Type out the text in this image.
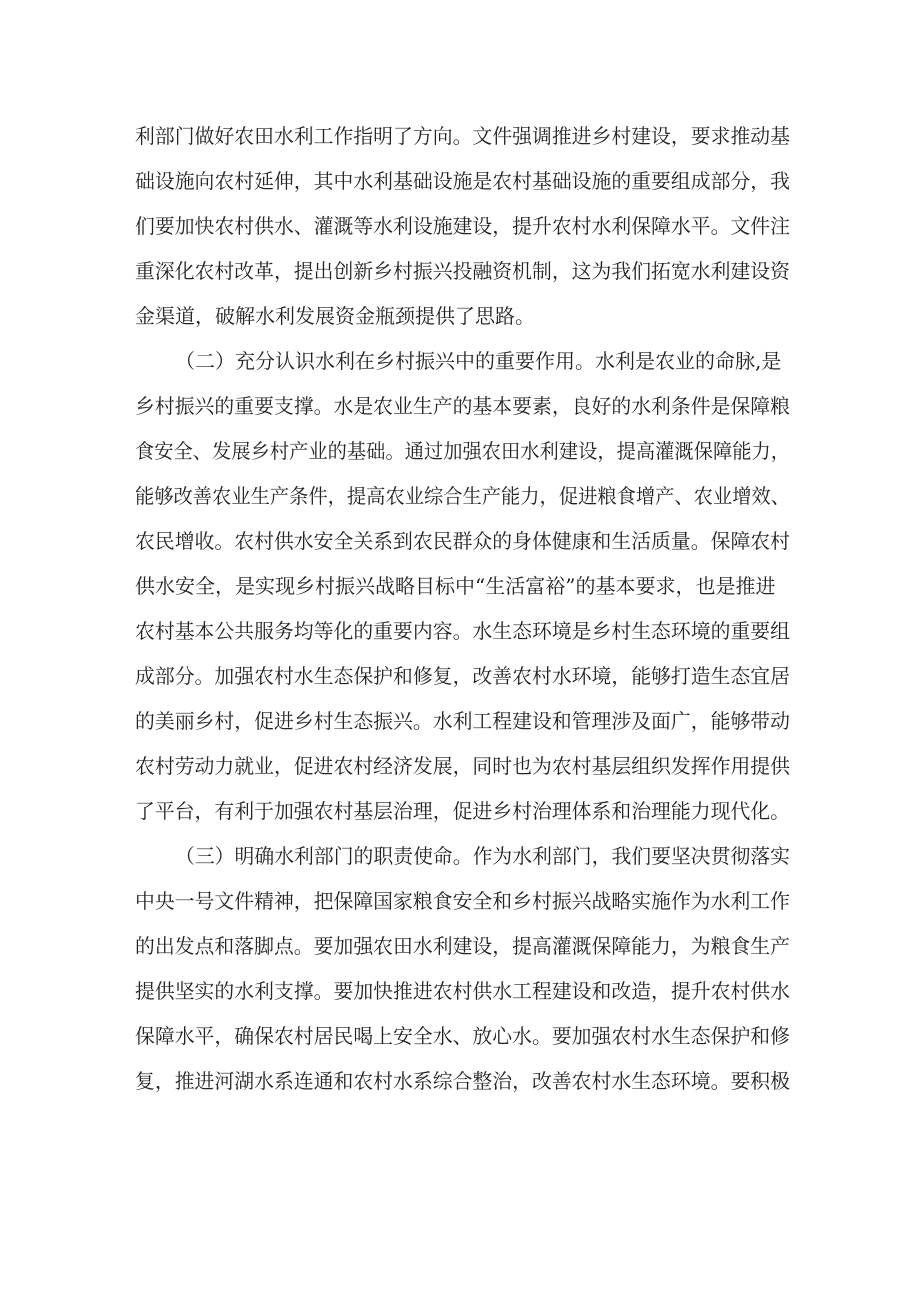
利部门做好农田水利工作指明了方向。文件强调推进乡村建设，要求推动基
础设施向农村延伸，其中水利基础设施是农村基础设施的重要组成部分，我
们要加快农村供水、灌溉等水利设施建设，提升农村水利保障水平。文件注
重深化农村改革，提出创新乡村振兴投融资机制，这为我们拓宽水利建设资
金渠道，破解水利发展资金瓶颈提供了思路。
（二）充分认识水利在乡村振兴中的重要作用。水利是农业的命脉,是
乡村振兴的重要支撑。水是农业生产的基本要素，良好的水利条件是保障粮
食安全、发展乡村产业的基础。通过加强农田水利建设，提高灌溉保障能力，
能够改善农业生产条件，提高农业综合生产能力，促进粮食增产、农业增效、
农民增收。农村供水安全关系到农民群众的身体健康和生活质量。保障农村
供水安全，是实现乡村振兴战略目标中“生活富裕”的基本要求，也是推进
农村基本公共服务均等化的重要内容。水生态环境是乡村生态环境的重要组
成部分。加强农村水生态保护和修复，改善农村水环境，能够打造生态宜居
的美丽乡村，促进乡村生态振兴。水利工程建设和管理涉及面广，能够带动
农村劳动力就业，促进农村经济发展，同时也为农村基层组织发挥作用提供
了平台，有利于加强农村基层治理，促进乡村治理体系和治理能力现代化。
（三）明确水利部门的职责使命。作为水利部门，我们要坚决贯彻落实
中央一号文件精神，把保障国家粮食安全和乡村振兴战略实施作为水利工作
的出发点和落脚点。要加强农田水利建设，提高灌溉保障能力，为粮食生产
提供坚实的水利支撑。要加快推进农村供水工程建设和改造，提升农村供水
保障水平，确保农村居民喝上安全水、放心水。要加强农村水生态保护和修
复，推进河湖水系连通和农村水系综合整治，改善农村水生态环境。要积极
